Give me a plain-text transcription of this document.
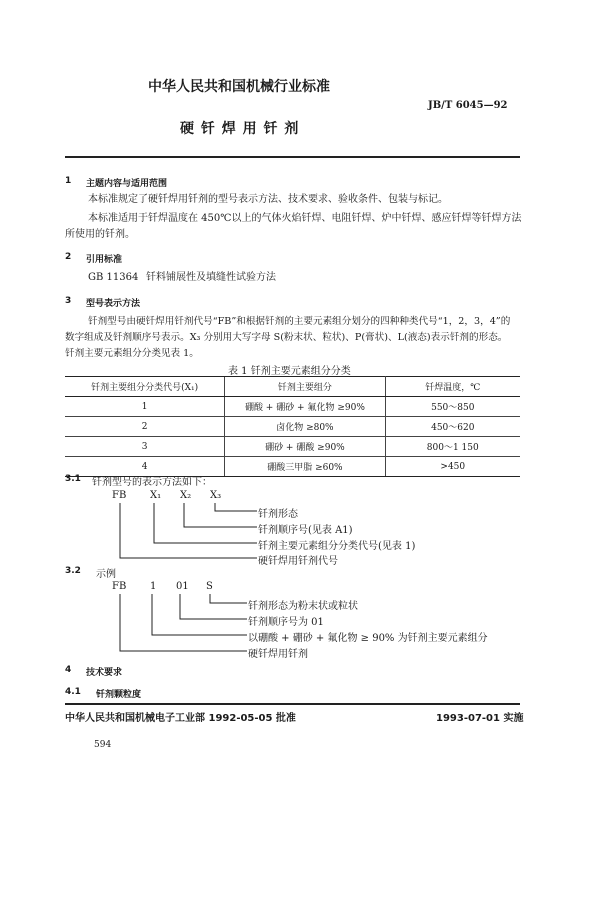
中华人民共和国机械行业标准
JB/T 6045—92
硬 钎 焊 用 钎 剂
1 主题内容与适用范围
本标准规定了硬钎焊用钎剂的型号表示方法、技术要求、验收条件、包装与标记。
本标准适用于钎焊温度在 450℃以上的气体火焰钎焊、电阻钎焊、炉中钎焊、感应钎焊等钎焊方法
所使用的钎剂。
2 引用标准
GB 11364 钎料铺展性及填缝性试验方法
3 型号表示方法
钎剂型号由硬钎焊用钎剂代号“FB”和根据钎剂的主要元素组分划分的四种种类代号“1，2，3，4”的
数字组成及钎剂顺序号表示。X₃ 分别用大写字母 S(粉末状、粒状)、P(膏状)、L(液态)表示钎剂的形态。
钎剂主要元素组分分类见表 1。
表 1 钎剂主要元素组分分类
钎剂主要组分分类代号(X₁)	钎剂主要组分	钎焊温度，℃
1	硼酸 + 硼砂 + 氟化物 ≥90%	550～850
2	卤化物 ≥80%	450～620
3	硼砂 + 硼酸 ≥90%	800～1 150
4	硼酸三甲脂 ≥60%	>450
3.1 钎剂型号的表示方法如下：
FB X₁ X₂ X₃
钎剂形态
钎剂顺序号(见表 A1)
钎剂主要元素组分分类代号(见表 1)
硬钎焊用钎剂代号
3.2 示例
FB 1 01 S
钎剂形态为粉末状或粒状
钎剂顺序号为 01
以硼酸 + 硼砂 + 氟化物 ≥ 90% 为钎剂主要元素组分
硬钎焊用钎剂
4 技术要求
4.1 钎剂颗粒度
中华人民共和国机械电子工业部 1992-05-05 批准	1993-07-01 实施
594
